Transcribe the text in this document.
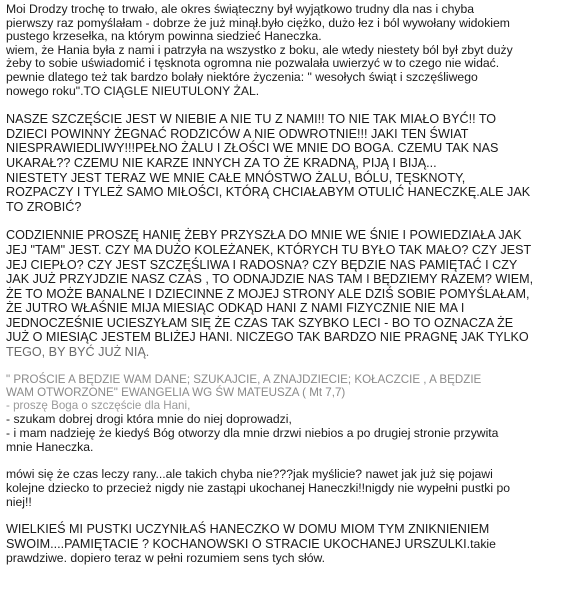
Moi Drodzy trochę to trwało, ale okres świąteczny był wyjątkowo trudny dla nas i chyba

pierwszy raz pomyślałam - dobrze że już minął.było ciężko, dużo łez i ból wywołany widokiem

pustego krzesełka, na którym powinna siedzieć Haneczka.

wiem, że Hania była z nami i patrzyła na wszystko z boku, ale wtedy niestety ból był zbyt duży

żeby to sobie uświadomić i tęsknota ogromna nie pozwalała uwierzyć w to czego nie widać.

pewnie dlatego też tak bardzo bolały niektóre życzenia: " wesołych świąt i szczęśliwego

nowego roku".TO CIĄGLE NIEUTULONY ŻAL.

NASZE SZCZĘŚCIE JEST W NIEBIE A NIE TU Z NAMI!! TO NIE TAK MIAŁO BYĆ!! TO

DZIECI POWINNY ŻEGNAĆ RODZICÓW A NIE ODWROTNIE!!! JAKI TEN ŚWIAT

NIESPRAWIEDLIWY!!!PEŁNO ŻALU I ZŁOŚCI WE MNIE DO BOGA. CZEMU TAK NAS

UKARAŁ?? CZEMU NIE KARZE INNYCH ZA TO ŻE KRADNĄ, PIJĄ I BIJĄ...

NIESTETY JEST TERAZ WE MNIE CAŁE MNÓSTWO ŻALU, BÓLU, TĘSKNOTY,

ROZPACZY I TYLEŻ SAMO MIŁOŚCI, KTÓRĄ CHCIAŁABYM OTULIĆ HANECZKĘ.ALE JAK

TO ZROBIĆ?

CODZIENNIE PROSZĘ HANIĘ ŻEBY PRZYSZŁA DO MNIE WE ŚNIE I POWIEDZIAŁA JAK

JEJ "TAM" JEST. CZY MA DUŻO KOLEŻANEK, KTÓRYCH TU BYŁO TAK MAŁO? CZY JEST

JEJ CIEPŁO? CZY JEST SZCZĘŚLIWA I RADOSNA? CZY BĘDZIE NAS PAMIĘTAĆ I CZY

JAK JUŻ PRZYJDZIE NASZ CZAS , TO ODNAJDZIE NAS TAM I BĘDZIEMY RAZEM? WIEM,

ŻE TO MOŻE BANALNE I DZIECINNE Z MOJEJ STRONY ALE DZIŚ SOBIE POMYŚLAŁAM,

ŻE JUTRO WŁAŚNIE MIJA MIESIĄC ODKĄD HANI Z NAMI FIZYCZNIE NIE MA I

JEDNOCZEŚNIE UCIESZYŁAM SIĘ ŻE CZAS TAK SZYBKO LECI - BO TO OZNACZA ŻE

JUŻ O MIESIĄC JESTEM BLIŻEJ HANI. NICZEGO TAK BARDZO NIE PRAGNĘ JAK TYLKO

TEGO, BY BYĆ JUŻ NIĄ.

" PROŚCIE A BĘDZIE WAM DANE; SZUKAJCIE, A ZNAJDZIECIE; KOŁACZCIE , A BĘDZIE

WAM OTWORZONE" EWANGELIA WG ŚW MATEUSZA ( Mt 7,7)

- proszę Boga o szczęście dla Hani,

- szukam dobrej drogi która mnie do niej doprowadzi,

- i mam nadzieję że kiedyś Bóg otworzy dla mnie drzwi niebios a po drugiej stronie przywita

mnie Haneczka.

mówi się że czas leczy rany...ale takich chyba nie???jak myślicie? nawet jak już się pojawi

kolejne dziecko to przecież nigdy nie zastąpi ukochanej Haneczki!!nigdy nie wypełni pustki po

niej!!

WIELKIEŚ MI PUSTKI UCZYNIŁAŚ HANECZKO W DOMU MIOM TYM ZNIKNIENIEM

SWOIM....PAMIĘTACIE ? KOCHANOWSKI O STRACIE UKOCHANEJ URSZULKI.takie

prawdziwe. dopiero teraz w pełni rozumiem sens tych słów.
